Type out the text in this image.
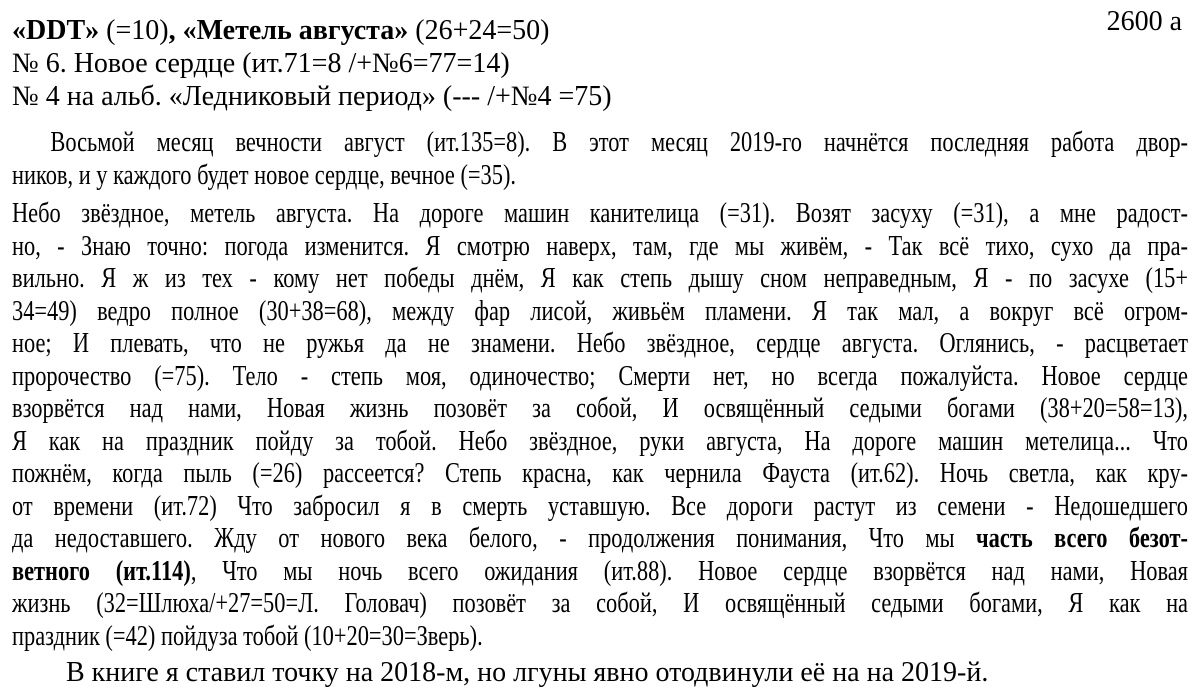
2600 а
«DDT» (=10), «Метель августа» (26+24=50)
№ 6. Новое сердце (ит.71=8 /+№6=77=14)
№ 4 на альб. «Ледниковый период» (--- /+№4 =75)
Восьмой месяц вечности август (ит.135=8). В этот месяц 2019-го начнётся последняя работа двор-
ников, и у каждого будет новое сердце, вечное (=35).
Небо звёздное, метель августа. На дороге машин канителица (=31). Возят засуху (=31), а мне радост-
но, - Знаю точно: погода изменится. Я смотрю наверх, там, где мы живём, - Так всё тихо, сухо да пра-
вильно. Я ж из тех - кому нет победы днём, Я как степь дышу сном неправедным, Я - по засухе (15+
34=49) ведро полное (30+38=68), между фар лисой, живьём пламени. Я так мал, а вокруг всё огром-
ное; И плевать, что не ружья да не знамени. Небо звёздное, сердце августа. Оглянись, - расцветает
пророчество (=75). Тело - степь моя, одиночество; Смерти нет, но всегда пожалуйста. Новое сердце
взорвётся над нами, Новая жизнь позовёт за собой, И освящённый седыми богами (38+20=58=13),
Я как на праздник пойду за тобой. Небо звёздное, руки августа, На дороге машин метелица... Что
пожнём, когда пыль (=26) рассеется? Степь красна, как чернила Фауста (ит.62). Ночь светла, как кру-
от времени (ит.72) Что забросил я в смерть уставшую. Все дороги растут из семени - Недошедшего
да недоставшего. Жду от нового века белого, - продолжения понимания, Что мы часть всего безот-
ветного (ит.114), Что мы ночь всего ожидания (ит.88). Новое сердце взорвётся над нами, Новая
жизнь (32=Шлюха/+27=50=Л. Головач) позовёт за собой, И освящённый седыми богами, Я как на
праздник (=42) пойдуза тобой (10+20=30=Зверь).
В книге я ставил точку на 2018-м, но лгуны явно отодвинули её на на 2019-й.
